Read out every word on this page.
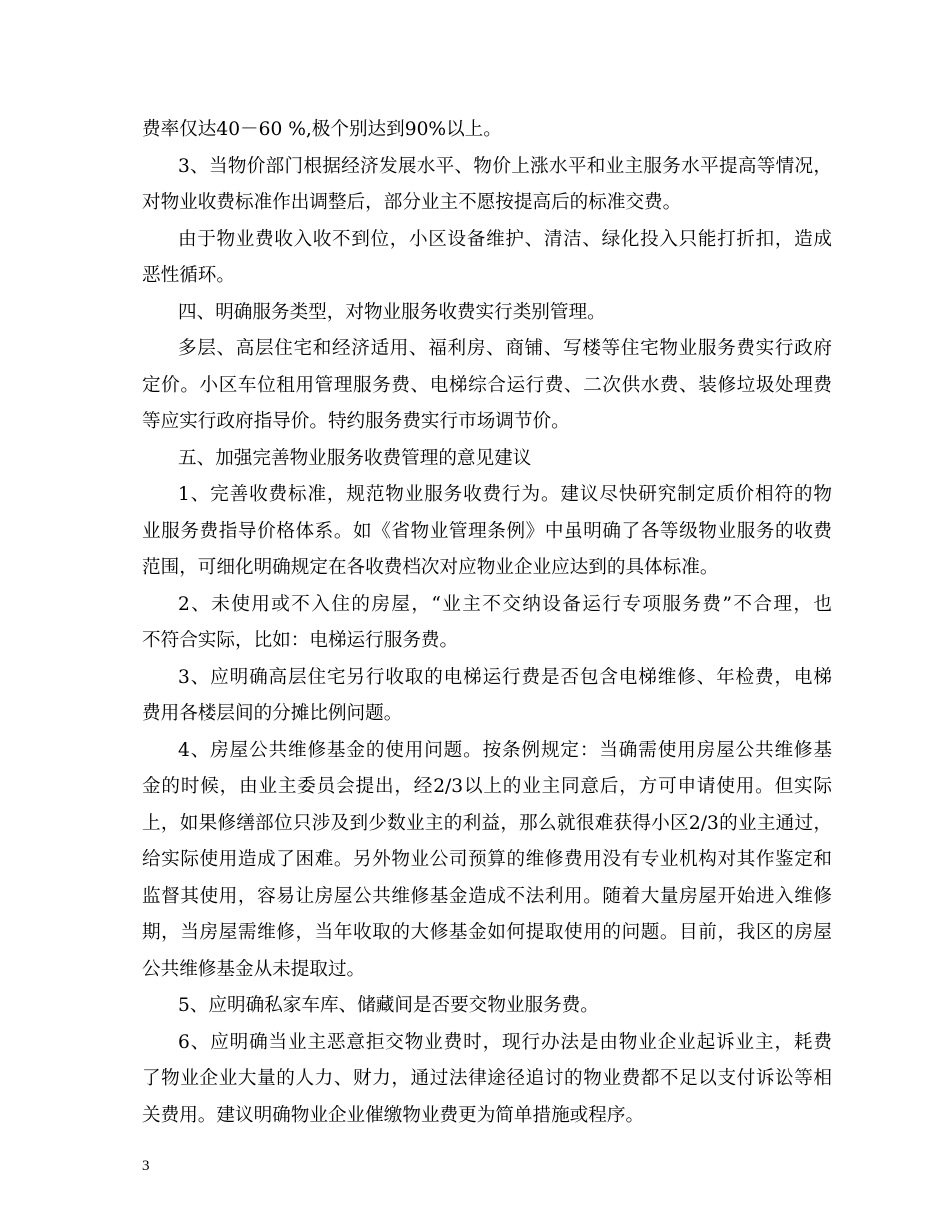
费率仅达40－60 %,极个别达到90%以上。
3、当物价部门根据经济发展水平、物价上涨水平和业主服务水平提高等情况，
对物业收费标准作出调整后，部分业主不愿按提高后的标准交费。
由于物业费收入收不到位，小区设备维护、清洁、绿化投入只能打折扣，造成
恶性循环。
四、明确服务类型，对物业服务收费实行类别管理。
多层、高层住宅和经济适用、福利房、商铺、写楼等住宅物业服务费实行政府
定价。小区车位租用管理服务费、电梯综合运行费、二次供水费、装修垃圾处理费
等应实行政府指导价。特约服务费实行市场调节价。
五、加强完善物业服务收费管理的意见建议
1、完善收费标准，规范物业服务收费行为。建议尽快研究制定质价相符的物
业服务费指导价格体系。如《省物业管理条例》中虽明确了各等级物业服务的收费
范围，可细化明确规定在各收费档次对应物业企业应达到的具体标准。
2、未使用或不入住的房屋，“业主不交纳设备运行专项服务费”不合理，也
不符合实际，比如：电梯运行服务费。
3、应明确高层住宅另行收取的电梯运行费是否包含电梯维修、年检费，电梯
费用各楼层间的分摊比例问题。
4、房屋公共维修基金的使用问题。按条例规定：当确需使用房屋公共维修基
金的时候，由业主委员会提出，经2/3以上的业主同意后，方可申请使用。但实际
上，如果修缮部位只涉及到少数业主的利益，那么就很难获得小区2/3的业主通过，
给实际使用造成了困难。另外物业公司预算的维修费用没有专业机构对其作鉴定和
监督其使用，容易让房屋公共维修基金造成不法利用。随着大量房屋开始进入维修
期，当房屋需维修，当年收取的大修基金如何提取使用的问题。目前，我区的房屋
公共维修基金从未提取过。
5、应明确私家车库、储藏间是否要交物业服务费。
6、应明确当业主恶意拒交物业费时，现行办法是由物业企业起诉业主，耗费
了物业企业大量的人力、财力，通过法律途径追讨的物业费都不足以支付诉讼等相
关费用。建议明确物业企业催缴物业费更为简单措施或程序。
3
